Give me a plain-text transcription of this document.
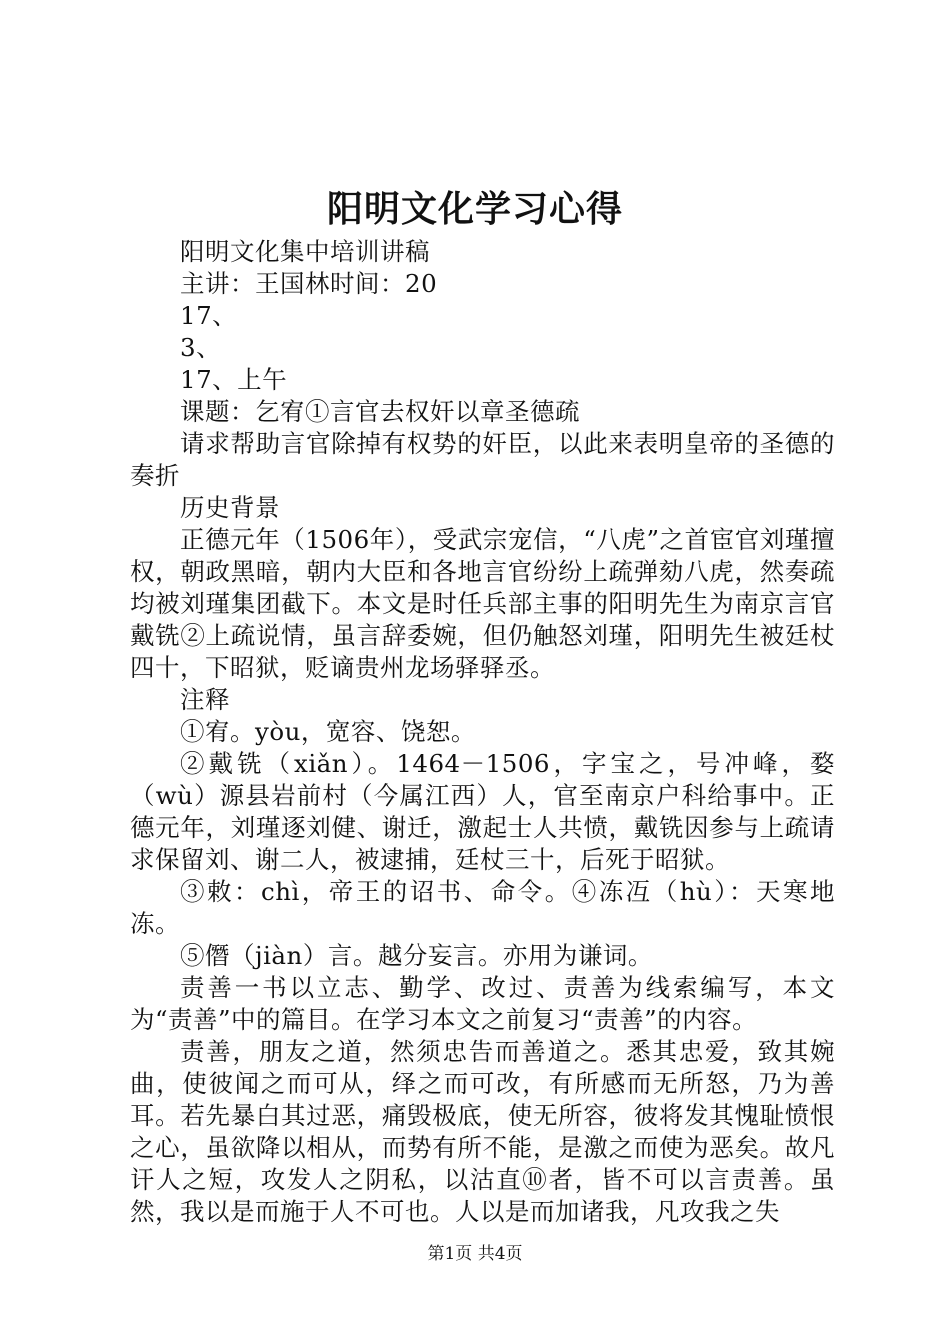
阳明文化学习心得

阳明文化集中培训讲稿

主讲：王国林时间：20

17、

3、

17、上午

课题：乞宥①言官去权奸以章圣德疏

请求帮助言官除掉有权势的奸臣，以此来表明皇帝的圣德的奏折

历史背景

正德元年（1506年），受武宗宠信，“八虎”之首宦官刘瑾擅权，朝政黑暗，朝内大臣和各地言官纷纷上疏弹劾八虎，然奏疏均被刘瑾集团截下。本文是时任兵部主事的阳明先生为南京言官戴铣②上疏说情，虽言辞委婉，但仍触怒刘瑾，阳明先生被廷杖四十，下昭狱，贬谪贵州龙场驿驿丞。

注释

①宥。yòu，宽容、饶恕。

②戴铣（xiǎn）。1464－1506，字宝之，号冲峰，婺（wù）源县岩前村（今属江西）人，官至南京户科给事中。正德元年，刘瑾逐刘健、谢迁，激起士人共愤，戴铣因参与上疏请求保留刘、谢二人，被逮捕，廷杖三十，后死于昭狱。

③敕：chì，帝王的诏书、命令。④冻冱（hù）：天寒地冻。

⑤僭（jiàn）言。越分妄言。亦用为谦词。

责善一书以立志、勤学、改过、责善为线索编写，本文为“责善”中的篇目。在学习本文之前复习“责善”的内容。

责善，朋友之道，然须忠告而善道之。悉其忠爱，致其婉曲，使彼闻之而可从，绎之而可改，有所感而无所怒，乃为善耳。若先暴白其过恶，痛毁极底，使无所容，彼将发其愧耻愤恨之心，虽欲降以相从，而势有所不能，是激之而使为恶矣。故凡讦人之短，攻发人之阴私，以沽直⑩者，皆不可以言责善。虽然，我以是而施于人不可也。人以是而加诸我，凡攻我之失

第1页 共4页
